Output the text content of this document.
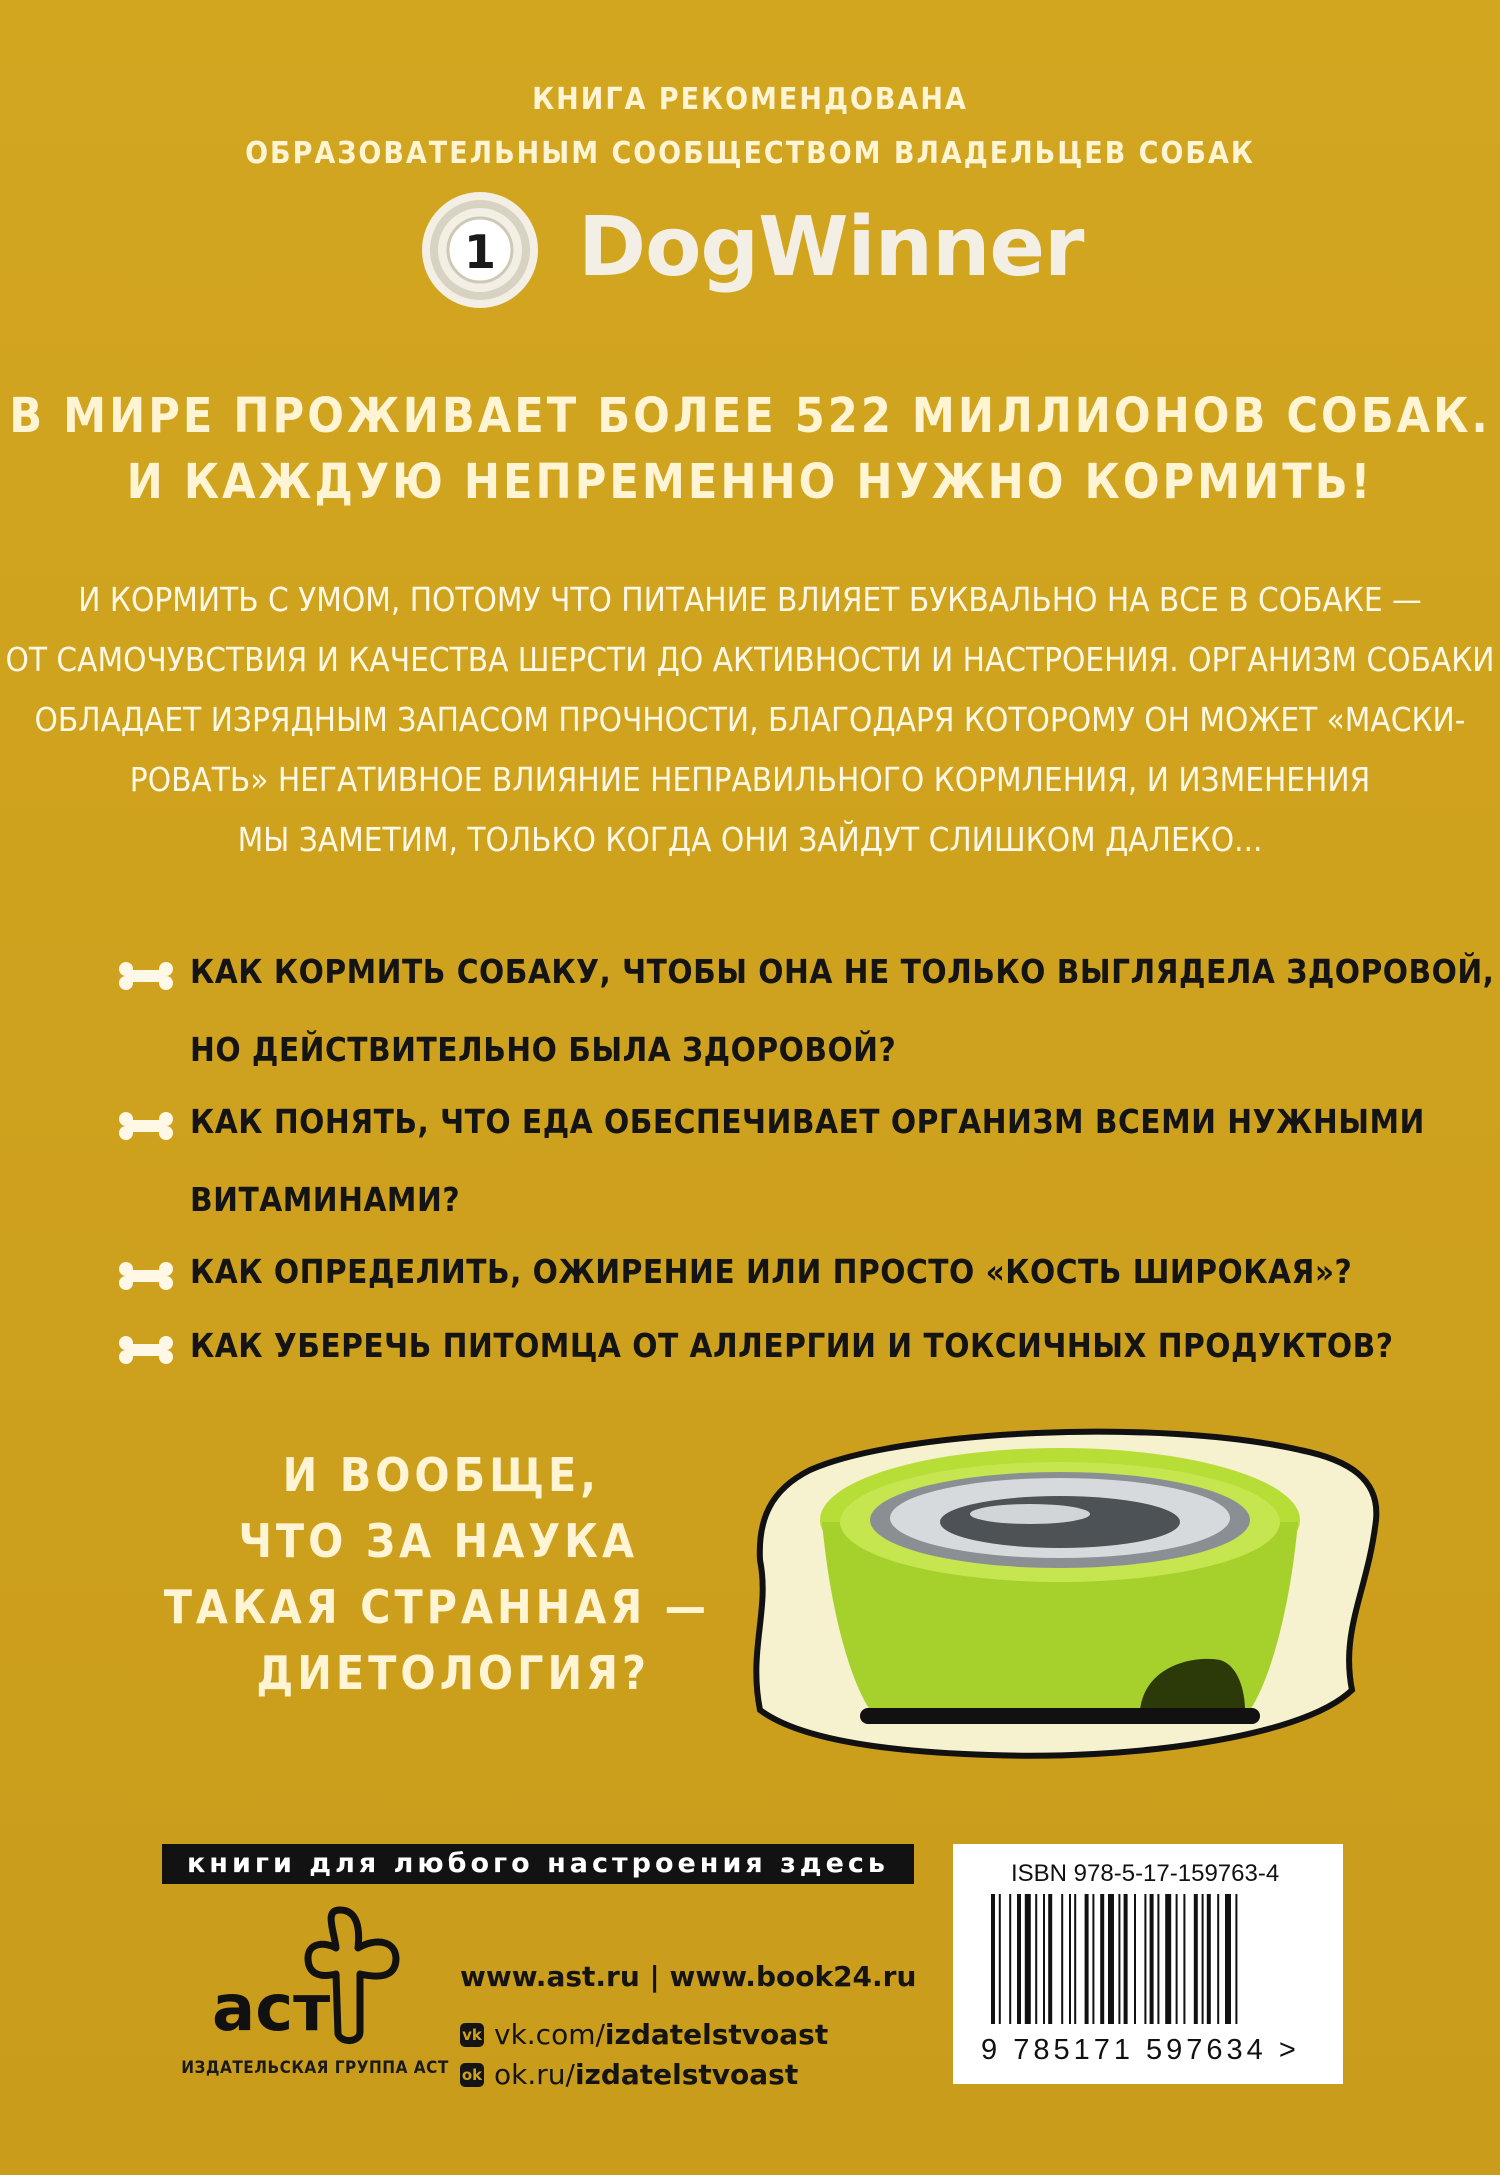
КНИГА РЕКОМЕНДОВАНА

ОБРАЗОВАТЕЛЬНЫМ СООБЩЕСТВОМ ВЛАДЕЛЬЦЕВ СОБАК

1 DogWinner

В МИРЕ ПРОЖИВАЕТ БОЛЕЕ 522 МИЛЛИОНОВ СОБАК.

И КАЖДУЮ НЕПРЕМЕННО НУЖНО КОРМИТЬ!

И КОРМИТЬ С УМОМ, ПОТОМУ ЧТО ПИТАНИЕ ВЛИЯЕТ БУКВАЛЬНО НА ВСЕ В СОБАКЕ —

ОТ САМОЧУВСТВИЯ И КАЧЕСТВА ШЕРСТИ ДО АКТИВНОСТИ И НАСТРОЕНИЯ. ОРГАНИЗМ СОБАКИ

ОБЛАДАЕТ ИЗРЯДНЫМ ЗАПАСОМ ПРОЧНОСТИ, БЛАГОДАРЯ КОТОРОМУ ОН МОЖЕТ «МАСКИ-

РОВАТЬ» НЕГАТИВНОЕ ВЛИЯНИЕ НЕПРАВИЛЬНОГО КОРМЛЕНИЯ, И ИЗМЕНЕНИЯ

МЫ ЗАМЕТИМ, ТОЛЬКО КОГДА ОНИ ЗАЙДУТ СЛИШКОМ ДАЛЕКО...

КАК КОРМИТЬ СОБАКУ, ЧТОБЫ ОНА НЕ ТОЛЬКО ВЫГЛЯДЕЛА ЗДОРОВОЙ,
НО ДЕЙСТВИТЕЛЬНО БЫЛА ЗДОРОВОЙ?
КАК ПОНЯТЬ, ЧТО ЕДА ОБЕСПЕЧИВАЕТ ОРГАНИЗМ ВСЕМИ НУЖНЫМИ
ВИТАМИНАМИ?
КАК ОПРЕДЕЛИТЬ, ОЖИРЕНИЕ ИЛИ ПРОСТО «КОСТЬ ШИРОКАЯ»?
КАК УБЕРЕЧЬ ПИТОМЦА ОТ АЛЛЕРГИИ И ТОКСИЧНЫХ ПРОДУКТОВ?
И ВООБЩЕ,
ЧТО ЗА НАУКА
ТАКАЯ СТРАННАЯ —
ДИЕТОЛОГИЯ?
книги для любого настроения здесь
аст
ИЗДАТЕЛЬСКАЯ ГРУППА АСТ
www.ast.ru | www.book24.ru
vk vk.com/ izdatelstvoast
ok ok.ru/ izdatelstvoast
ISBN 978-5-17-159763-4
9 785171 597634 >
